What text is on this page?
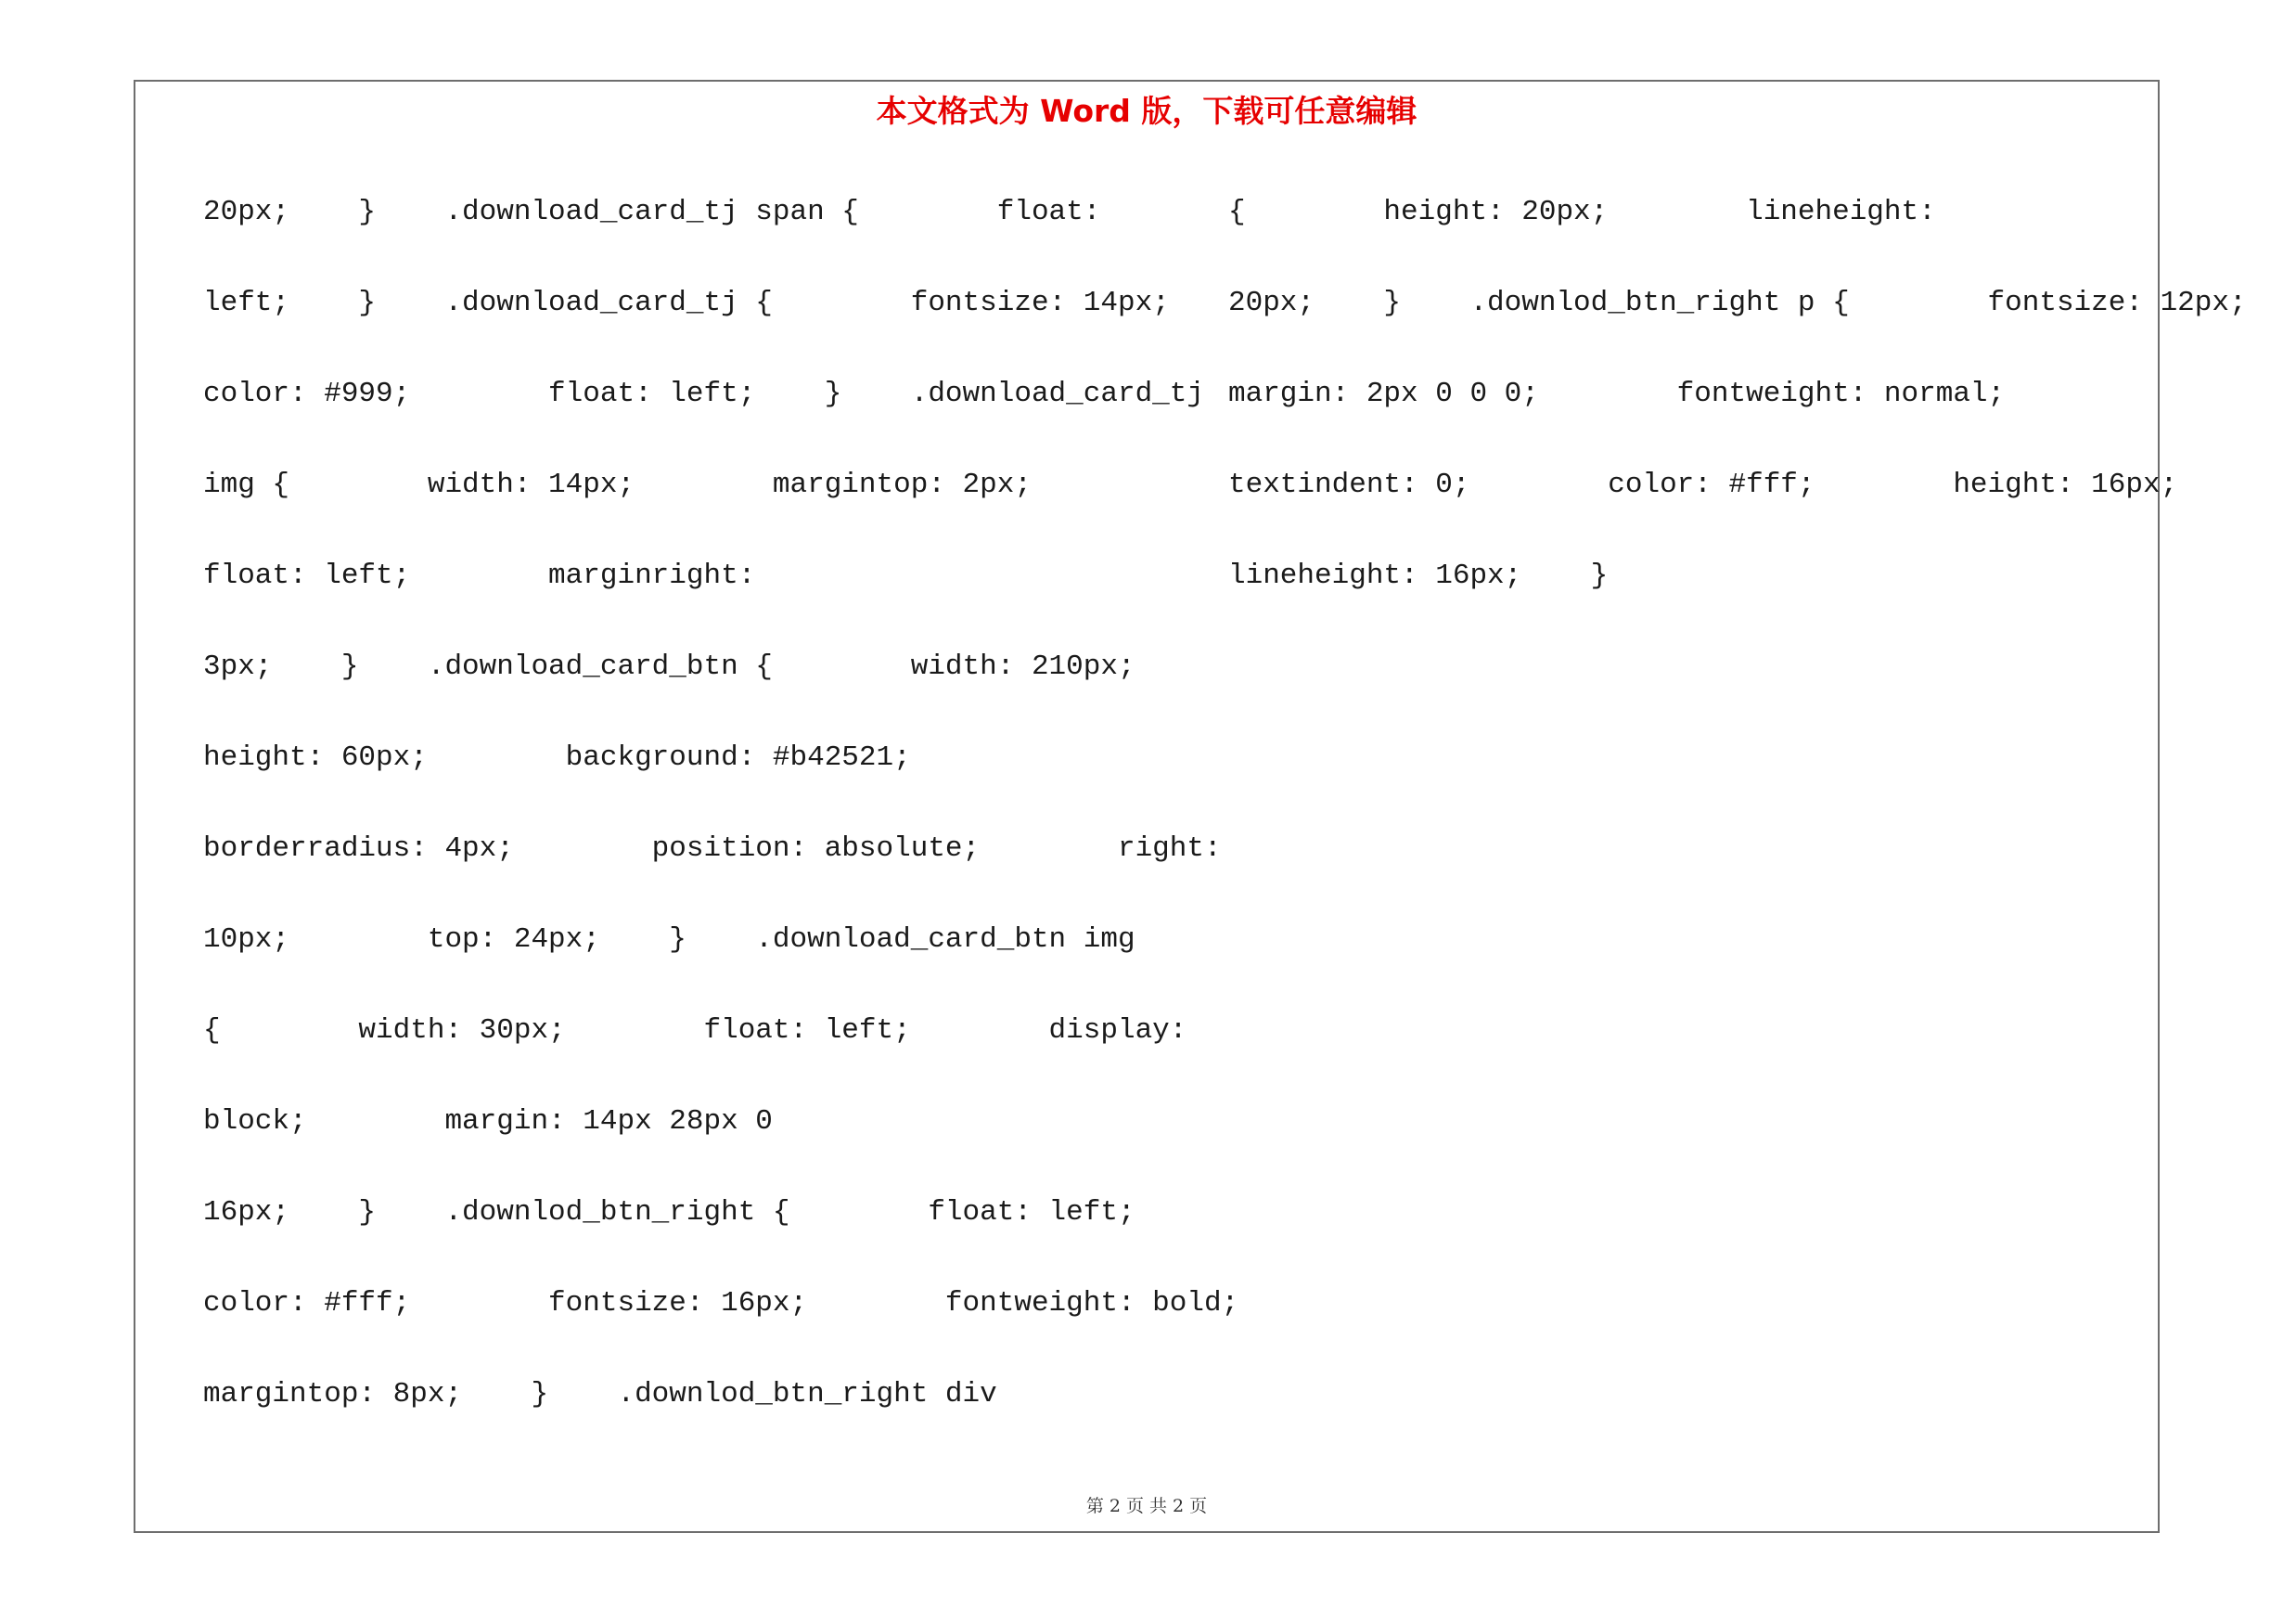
本文格式为 Word 版，下载可任意编辑
20px;    }    .download_card_tj span {        float:
left;    }    .download_card_tj {        fontsize: 14px;
color: #999;        float: left;    }    .download_card_tj
img {        width: 14px;        margintop: 2px;
float: left;        marginright:
3px;    }    .download_card_btn {        width: 210px;
height: 60px;        background: #b42521;
borderradius: 4px;        position: absolute;        right:
10px;        top: 24px;    }    .download_card_btn img
{        width: 30px;        float: left;        display:
block;        margin: 14px 28px 0
16px;    }    .downlod_btn_right {        float: left;
color: #fff;        fontsize: 16px;        fontweight: bold;
margintop: 8px;    }    .downlod_btn_right div
{        height: 20px;        lineheight:
20px;    }    .downlod_btn_right p {        fontsize: 12px;
margin: 2px 0 0 0;        fontweight: normal;
textindent: 0;        color: #fff;        height: 16px;
lineheight: 16px;    }
第 2 页 共 2 页
